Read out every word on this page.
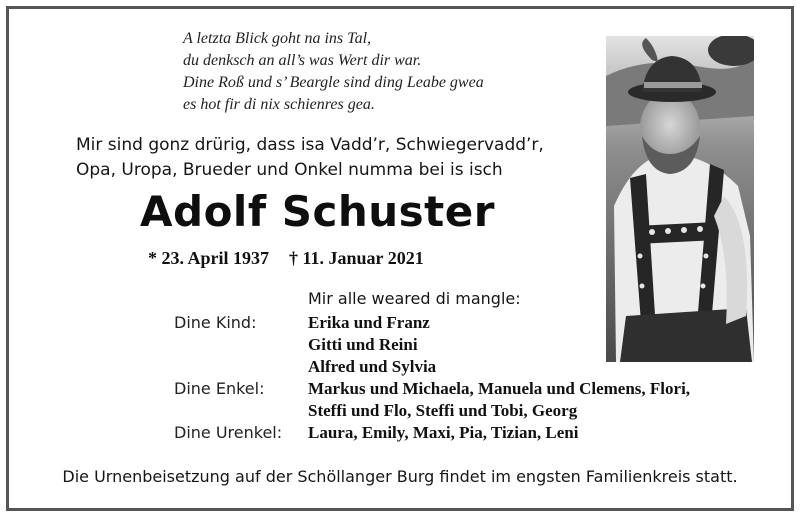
A letzta Blick goht na ins Tal,
du denksch an all’s was Wert dir war.
Dine Roß und s’ Beargle sind ding Leabe gwea
es hot fir di nix schienres gea.
Mir sind gonz drürig, dass isa Vadd’r, Schwiegervadd’r,
Opa, Uropa, Brueder und Onkel numma bei is isch
Adolf Schuster
* 23. April 1937 † 11. Januar 2021
Mir alle weared di mangle:
Dine Kind:	Erika und Franz
Gitti und Reini
Alfred und Sylvia
Dine Enkel:	Markus und Michaela, Manuela und Clemens, Flori,
Steffi und Flo, Steffi und Tobi, Georg
Dine Urenkel:	Laura, Emily, Maxi, Pia, Tizian, Leni
Die Urnenbeisetzung auf der Schöllanger Burg findet im engsten Familienkreis statt.
